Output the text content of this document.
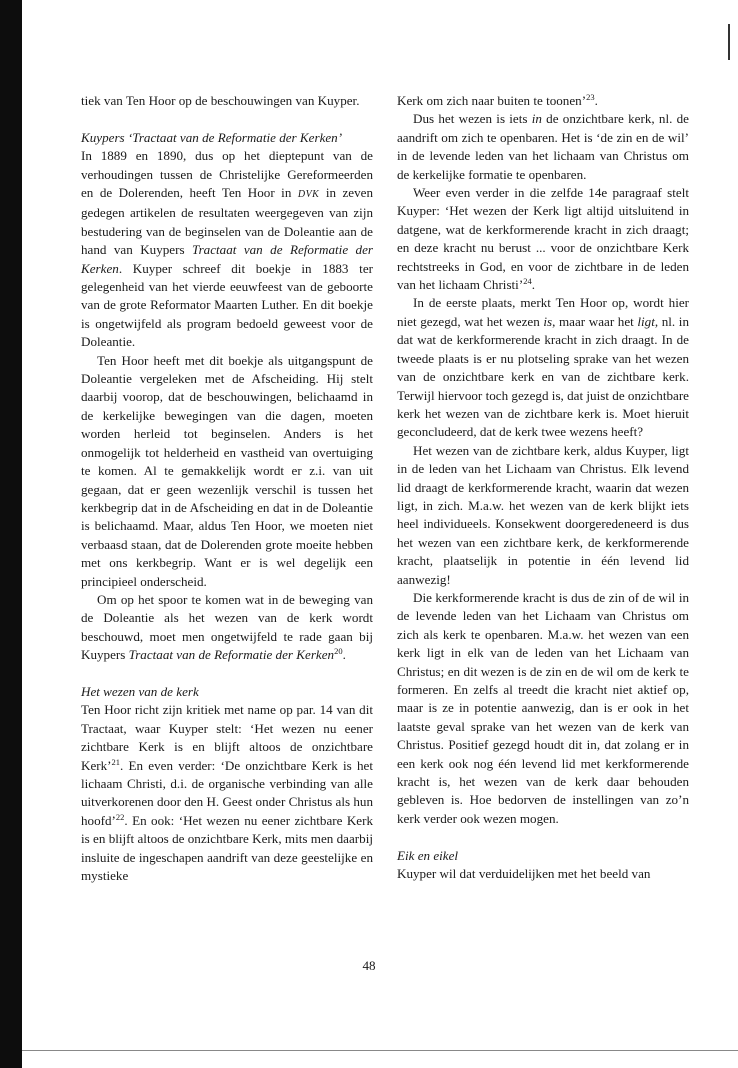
tiek van Ten Hoor op de beschouwingen van Kuyper.

Kuypers ‘Tractaat van de Reformatie der Kerken’

In 1889 en 1890, dus op het dieptepunt van de verhoudingen tussen de Christelijke Gereformeerden en de Dolerenden, heeft Ten Hoor in DVK in zeven gedegen artikelen de resultaten weergegeven van zijn bestudering van de beginselen van de Doleantie aan de hand van Kuypers Tractaat van de Reformatie der Kerken. Kuyper schreef dit boekje in 1883 ter gelegenheid van het vierde eeuwfeest van de geboorte van de grote Reformator Maarten Luther. En dit boekje is ongetwijfeld als program bedoeld geweest voor de Doleantie.

Ten Hoor heeft met dit boekje als uitgangspunt de Doleantie vergeleken met de Afscheiding. Hij stelt daarbij voorop, dat de beschouwingen, belichaamd in de kerkelijke bewegingen van die dagen, moeten worden herleid tot beginselen. Anders is het onmogelijk tot helderheid en vastheid van overtuiging te komen. Al te gemakkelijk wordt er z.i. van uit gegaan, dat er geen wezenlijk verschil is tussen het kerkbegrip dat in de Afscheiding en dat in de Doleantie is belichaamd. Maar, aldus Ten Hoor, we moeten niet verbaasd staan, dat de Dolerenden grote moeite hebben met ons kerkbegrip. Want er is wel degelijk een principieel onderscheid.

Om op het spoor te komen wat in de beweging van de Doleantie als het wezen van de kerk wordt beschouwd, moet men ongetwijfeld te rade gaan bij Kuypers Tractaat van de Reformatie der Kerken$^{20}$.

Het wezen van de kerk

Ten Hoor richt zijn kritiek met name op par. 14 van dit Tractaat, waar Kuyper stelt: ‘Het wezen nu eener zichtbare Kerk is en blijft altoos de onzichtbare Kerk’$^{21}$. En even verder: ‘De onzichtbare Kerk is het lichaam Christi, d.i. de organische verbinding van alle uitverkorenen door den H. Geest onder Christus als hun hoofd’$^{22}$. En ook: ‘Het wezen nu eener zichtbare Kerk is en blijft altoos de onzichtbare Kerk, mits men daarbij insluite de ingeschapen aandrift van deze geestelijke en mystieke

Kerk om zich naar buiten te toonen’$^{23}$.

Dus het wezen is iets in de onzichtbare kerk, nl. de aandrift om zich te openbaren. Het is ‘de zin en de wil’ in de levende leden van het lichaam van Christus om de kerkelijke formatie te openbaren.

Weer even verder in die zelfde 14e paragraaf stelt Kuyper: ‘Het wezen der Kerk ligt altijd uitsluitend in datgene, wat de kerkformerende kracht in zich draagt; en deze kracht nu berust ... voor de onzichtbare Kerk rechtstreeks in God, en voor de zichtbare in de leden van het lichaam Christi’$^{24}$.

In de eerste plaats, merkt Ten Hoor op, wordt hier niet gezegd, wat het wezen is, maar waar het ligt, nl. in dat wat de kerkformerende kracht in zich draagt. In de tweede plaats is er nu plotseling sprake van het wezen van de onzichtbare kerk en van de zichtbare kerk. Terwijl hiervoor toch gezegd is, dat juist de onzichtbare kerk het wezen van de zichtbare kerk is. Moet hieruit geconcludeerd, dat de kerk twee wezens heeft?

Het wezen van de zichtbare kerk, aldus Kuyper, ligt in de leden van het Lichaam van Christus. Elk levend lid draagt de kerkformerende kracht, waarin dat wezen ligt, in zich. M.a.w. het wezen van de kerk blijkt iets heel individueels. Konsekwent doorgeredeneerd is dus het wezen van een zichtbare kerk, de kerkformerende kracht, plaatselijk in potentie in één levend lid aanwezig!

Die kerkformerende kracht is dus de zin of de wil in de levende leden van het Lichaam van Christus om zich als kerk te openbaren. M.a.w. het wezen van een kerk ligt in elk van de leden van het Lichaam van Christus; en dit wezen is de zin en de wil om de kerk te formeren. En zelfs al treedt die kracht niet aktief op, maar is ze in potentie aanwezig, dan is er ook in het laatste geval sprake van het wezen van de kerk van Christus. Positief gezegd houdt dit in, dat zolang er in een kerk ook nog één levend lid met kerkformerende kracht is, het wezen van de kerk daar behouden gebleven is. Hoe bedorven de instellingen van zo’n kerk verder ook wezen mogen.

Eik en eikel

Kuyper wil dat verduidelijken met het beeld van

48
